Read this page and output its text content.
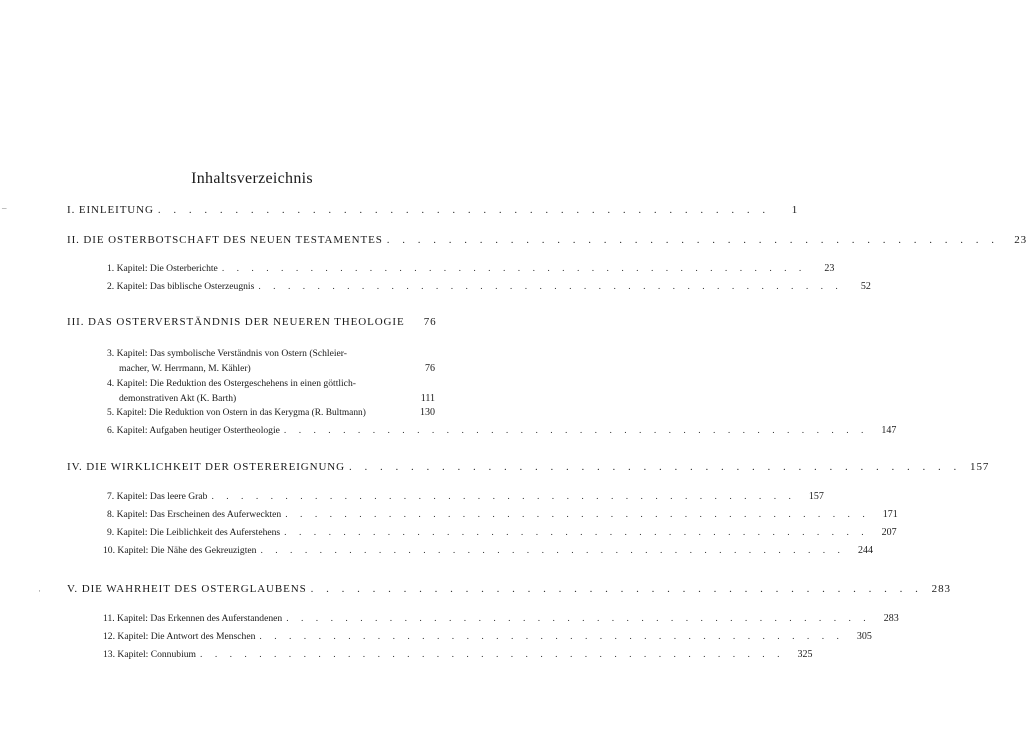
–
·
Inhaltsverzeichnis
I. EINLEITUNG . . . . . . . . . . . . . . . . . . . . . . . . . . . . . . . . . . . . . . . .	1
II. DIE OSTERBOTSCHAFT DES NEUEN TESTAMENTES . . . . . . . . . . . . . . . . . . . . . . . . . . . . . . . . . . . . . . . .	23
1. Kapitel: Die Osterberichte . . . . . . . . . . . . . . . . . . . . . . . . . . . . . . . . . . . . . . . .	23
2. Kapitel: Das biblische Osterzeugnis . . . . . . . . . . . . . . . . . . . . . . . . . . . . . . . . . . . . . . . .	52
III. DAS OSTERVERSTÄNDNIS DER NEUEREN THEOLOGIE	76
3. Kapitel: Das symbolische Verständnis von Ostern (Schleier-
macher, W. Herrmann, M. Kähler)	76
4. Kapitel: Die Reduktion des Ostergeschehens in einen göttlich-
demonstrativen Akt (K. Barth)	111
5. Kapitel: Die Reduktion von Ostern in das Kerygma (R. Bultmann)	130
6. Kapitel: Aufgaben heutiger Ostertheologie . . . . . . . . . . . . . . . . . . . . . . . . . . . . . . . . . . . . . . . .	147
IV. DIE WIRKLICHKEIT DER OSTEREREIGNUNG . . . . . . . . . . . . . . . . . . . . . . . . . . . . . . . . . . . . . . . . 157
7. Kapitel: Das leere Grab . . . . . . . . . . . . . . . . . . . . . . . . . . . . . . . . . . . . . . . .	157
8. Kapitel: Das Erscheinen des Auferweckten . . . . . . . . . . . . . . . . . . . . . . . . . . . . . . . . . . . . . . . .	171
9. Kapitel: Die Leiblichkeit des Auferstehens . . . . . . . . . . . . . . . . . . . . . . . . . . . . . . . . . . . . . . . .	207
10. Kapitel: Die Nähe des Gekreuzigten . . . . . . . . . . . . . . . . . . . . . . . . . . . . . . . . . . . . . . . .	244
V. DIE WAHRHEIT DES OSTERGLAUBENS . . . . . . . . . . . . . . . . . . . . . . . . . . . . . . . . . . . . . . . . 283
11. Kapitel: Das Erkennen des Auferstandenen . . . . . . . . . . . . . . . . . . . . . . . . . . . . . . . . . . . . . . . .	283
12. Kapitel: Die Antwort des Menschen . . . . . . . . . . . . . . . . . . . . . . . . . . . . . . . . . . . . . . . .	305
13. Kapitel: Connubium . . . . . . . . . . . . . . . . . . . . . . . . . . . . . . . . . . . . . . . .	325
